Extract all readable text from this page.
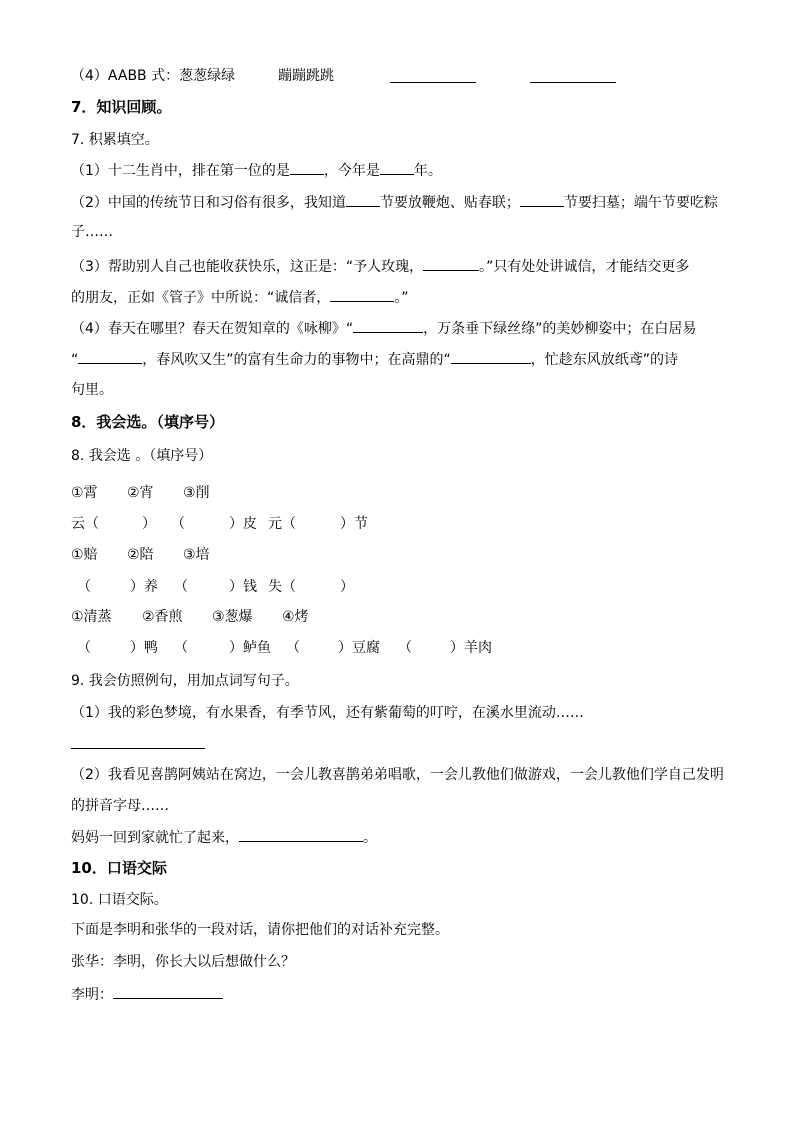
（4）AABB 式：葱葱绿绿	蹦蹦跳跳
7．知识回顾。
7. 积累填空。
（1）十二生肖中，排在第一位的是 ，今年是 年。
（2）中国的传统节日和习俗有很多，我知道 节要放鞭炮、贴春联；	节要扫墓；端午节要吃粽
子……
（3）帮助别人自己也能收获快乐，这正是：“予人玫瑰，	。”只有处处讲诚信，才能结交更多
的朋友，正如《管子》中所说：“诚信者，	。”
（4）春天在哪里？春天在贺知章的《咏柳》“	，万条垂下绿丝绦”的美妙柳姿中；在白居易
“	，春风吹又生”的富有生命力的事物中；在高鼎的“	，忙趁东风放纸鸢”的诗
句里。
8．我会选。（填序号）
8. 我会选 。（填序号）
①霄 ②宵 ③削
云（	） （	）皮 元（	）节
①赔 ②陪 ③培
（	）养 （	）钱 失（	）
①清蒸 ②香煎 ③葱爆 ④烤
（	）鸭 （	）鲈鱼 （	）豆腐 （	）羊肉
9. 我会仿照例句，用加点词写句子。
（1）我的彩色梦境，有水果香，有季节风，还有紫葡萄的叮咛，在溪水里流动……
（2）我看见喜鹊阿姨站在窝边，一会儿教喜鹊弟弟唱歌，一会儿教他们做游戏，一会儿教他们学自己发明
的拼音字母……
妈妈一回到家就忙了起来，	。
10．口语交际
10. 口语交际。
下面是李明和张华的一段对话，请你把他们的对话补充完整。
张华：李明，你长大以后想做什么？
李明：
